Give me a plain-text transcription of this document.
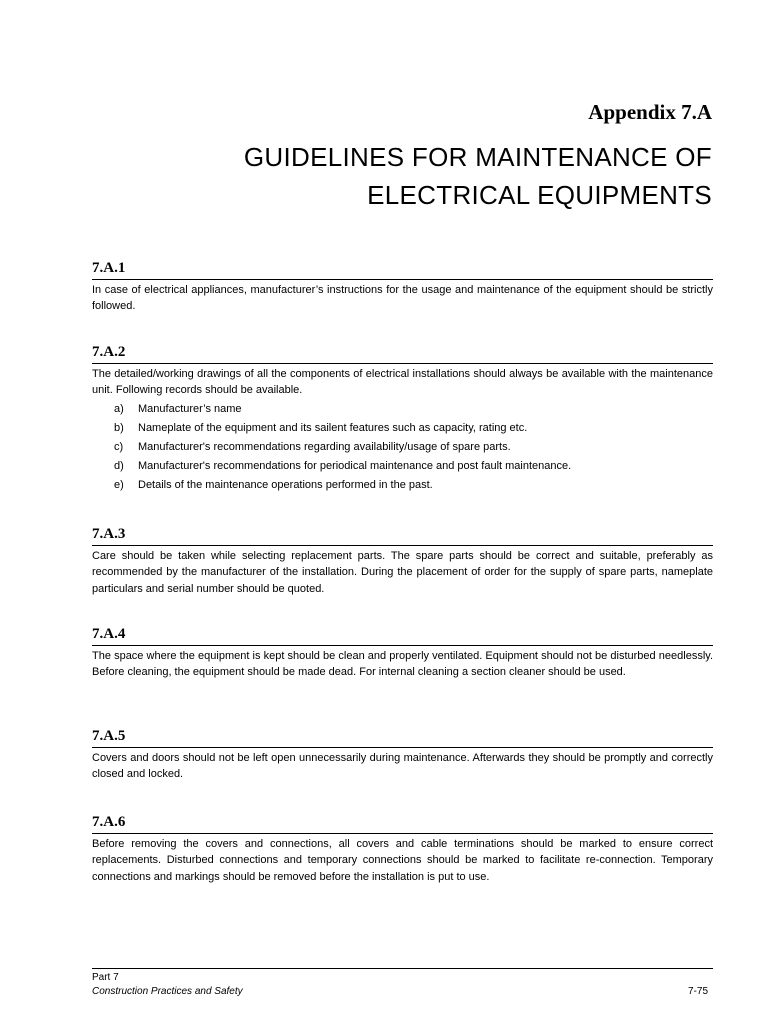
Appendix 7.A
GUIDELINES FOR MAINTENANCE OF
ELECTRICAL EQUIPMENTS
7.A.1

In case of electrical appliances, manufacturer’s instructions for the usage and maintenance of the equipment should be strictly followed.

7.A.2

The detailed/working drawings of all the components of electrical installations should always be available with the maintenance unit. Following records should be available.

a)	Manufacturer’s name
b)	Nameplate of the equipment and its sailent features such as capacity, rating etc.
c)	Manufacturer's recommendations regarding availability/usage of spare parts.
d)	Manufacturer's recommendations for periodical maintenance and post fault maintenance.
e)	Details of the maintenance operations performed in the past.
7.A.3

Care should be taken while selecting replacement parts. The spare parts should be correct and suitable, preferably as recommended by the manufacturer of the installation. During the placement of order for the supply of spare parts, nameplate particulars and serial number should be quoted.

7.A.4

The space where the equipment is kept should be clean and properly ventilated. Equipment should not be disturbed needlessly. Before cleaning, the equipment should be made dead. For internal cleaning a section cleaner should be used.

7.A.5

Covers and doors should not be left open unnecessarily during maintenance. Afterwards they should be promptly and correctly closed and locked.

7.A.6

Before removing the covers and connections, all covers and cable terminations should be marked to ensure correct replacements. Disturbed connections and temporary connections should be marked to facilitate re-connection. Temporary connections and markings should be removed before the installation is put to use.

Part 7
Construction Practices and Safety	7-75
